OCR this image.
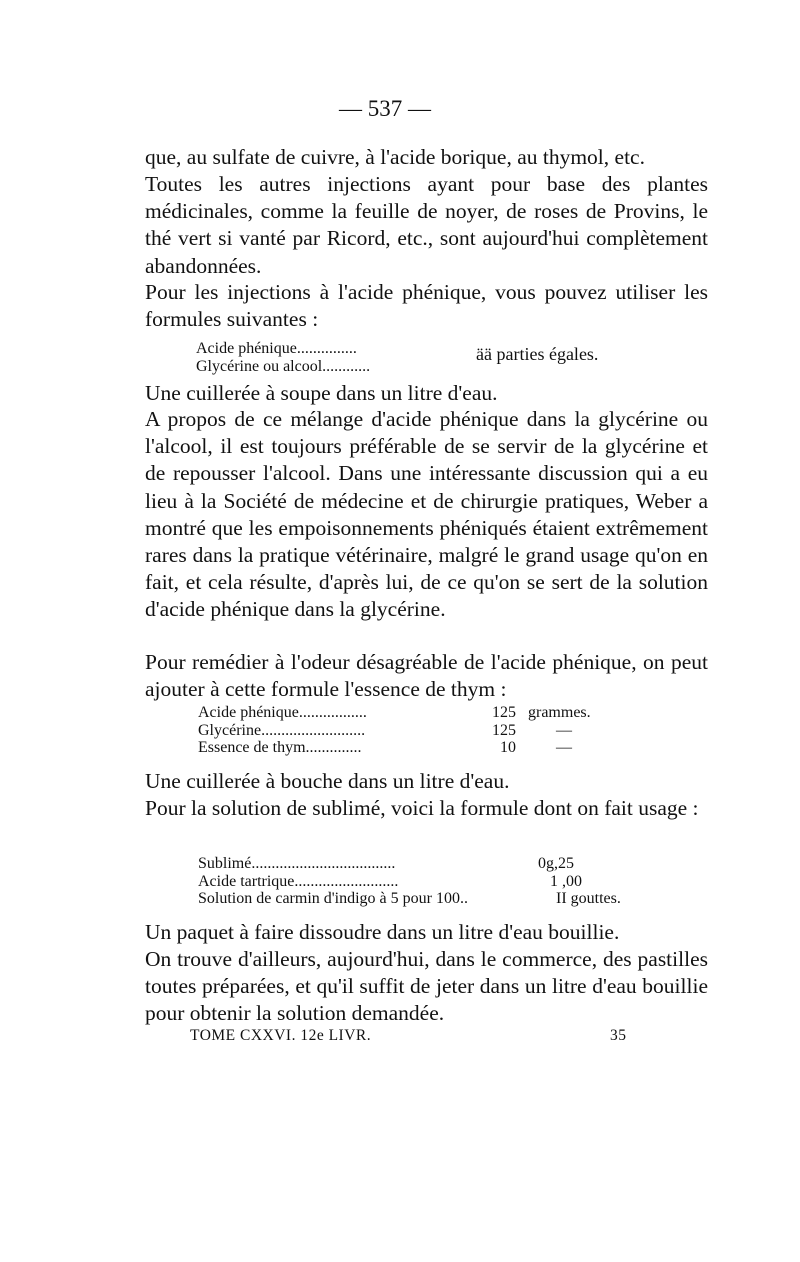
— 537 —

que, au sulfate de cuivre, à l'acide borique, au thymol, etc.

Toutes les autres injections ayant pour base des plantes médicinales, comme la feuille de noyer, de roses de Provins, le thé vert si vanté par Ricord, etc., sont aujourd'hui complètement abandonnées.

Pour les injections à l'acide phénique, vous pouvez utiliser les formules suivantes :

Acide phénique...............
Glycérine ou alcool............
ää parties égales.

Une cuillerée à soupe dans un litre d'eau.

A propos de ce mélange d'acide phénique dans la glycérine ou l'alcool, il est toujours préférable de se servir de la glycérine et de repousser l'alcool. Dans une intéressante discussion qui a eu lieu à la Société de médecine et de chirurgie pratiques, Weber a montré que les empoisonnements phéniqués étaient extrêmement rares dans la pratique vétérinaire, malgré le grand usage qu'on en fait, et cela résulte, d'après lui, de ce qu'on se sert de la solution d'acide phénique dans la glycérine.

Pour remédier à l'odeur désagréable de l'acide phénique, on peut ajouter à cette formule l'essence de thym :

Acide phénique.................	125 grammes.
Glycérine..........................	125	—
Essence de thym..............	10	—

Une cuillerée à bouche dans un litre d'eau.

Pour la solution de sublimé, voici la formule dont on fait usage :

Sublimé....................................	0g,25
Acide tartrique..........................	1 ,00
Solution de carmin d'indigo à 5 pour 100..	II gouttes.

Un paquet à faire dissoudre dans un litre d'eau bouillie.

On trouve d'ailleurs, aujourd'hui, dans le commerce, des pastilles toutes préparées, et qu'il suffit de jeter dans un litre d'eau bouillie pour obtenir la solution demandée.

TOME CXXVI. 12e LIVR.	35
